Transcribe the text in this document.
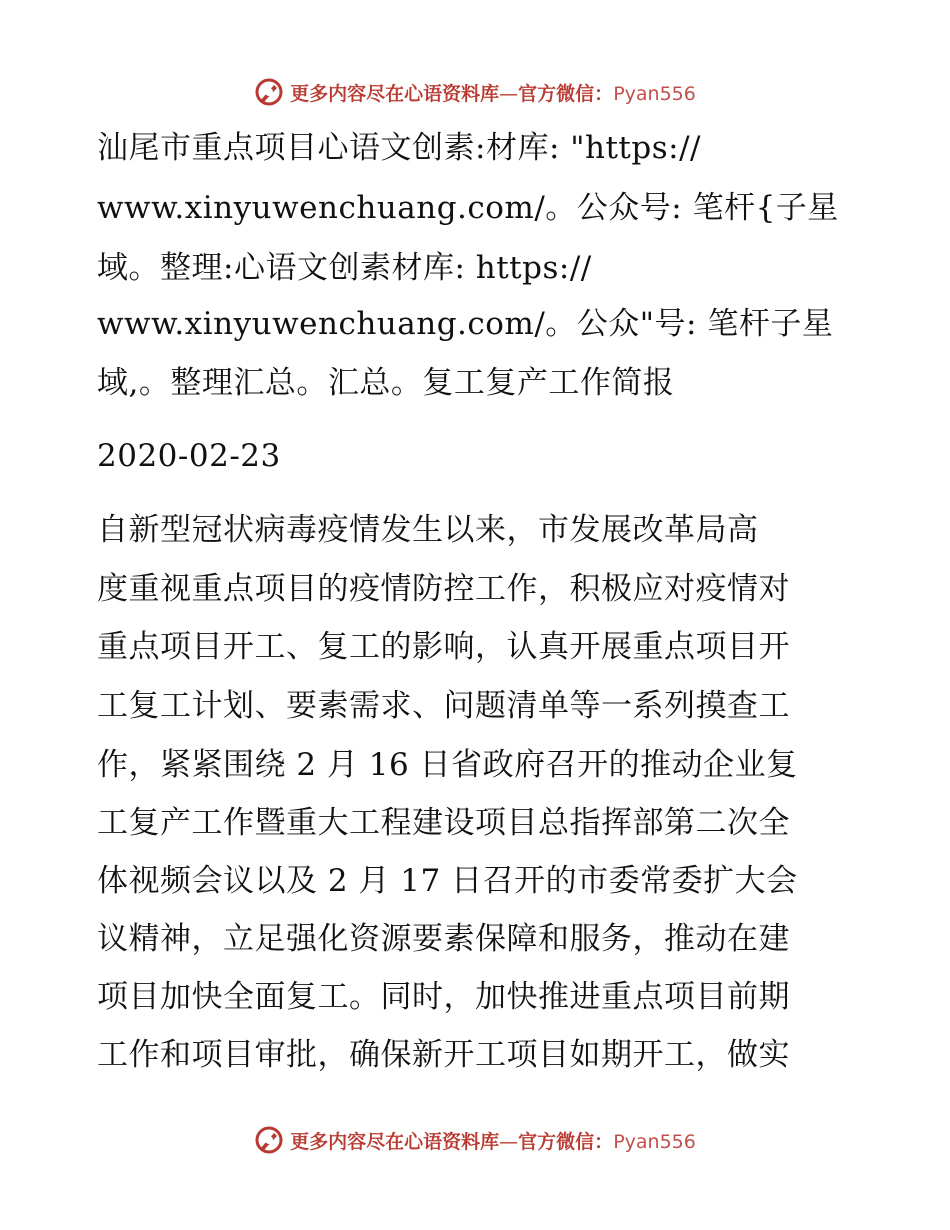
更多内容尽在心语资料库—官方微信：Pyan556
汕尾市重点项目心语文创素:材库: "https://
www.xinyuwenchuang.com/。公众号: 笔杆{子星
域。整理:心语文创素材库: https://
www.xinyuwenchuang.com/。公众"号: 笔杆子星
域,。整理汇总。汇总。复工复产工作简报
2020-02-23
自新型冠状病毒疫情发生以来，市发展改革局高
度重视重点项目的疫情防控工作，积极应对疫情对
重点项目开工、复工的影响，认真开展重点项目开
工复工计划、要素需求、问题清单等一系列摸查工
作，紧紧围绕 2 月 16 日省政府召开的推动企业复
工复产工作暨重大工程建设项目总指挥部第二次全
体视频会议以及 2 月 17 日召开的市委常委扩大会
议精神，立足强化资源要素保障和服务，推动在建
项目加快全面复工。同时，加快推进重点项目前期
工作和项目审批，确保新开工项目如期开工，做实
更多内容尽在心语资料库—官方微信：Pyan556
